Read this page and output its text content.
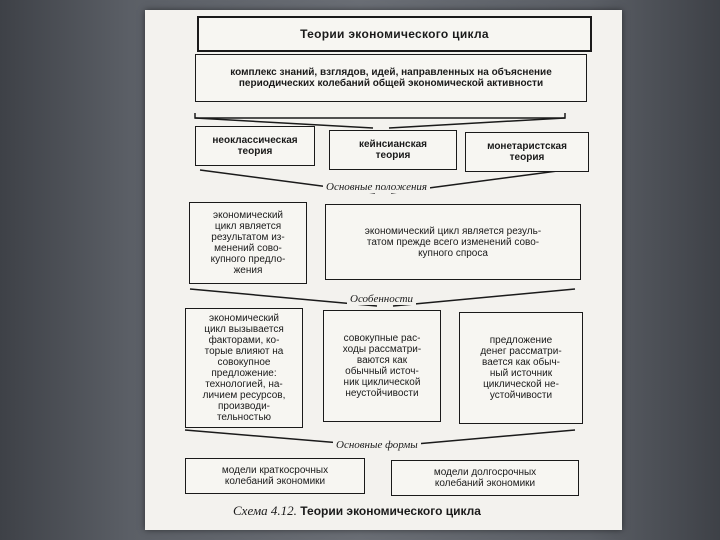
Теории экономического цикла
комплекс знаний, взглядов, идей, направленных на объяснение
периодических колебаний общей экономической активности
неоклассическая
теория
кейнсианская
теория
монетаристская
теория
Основные положения
экономический
цикл является
результатом из-
менений сово-
купного предло-
жения
экономический цикл является резуль-
татом прежде всего изменений сово-
купного спроса
Особенности
экономический
цикл вызывается
факторами, ко-
торые влияют на
совокупное
предложение:
технологией, на-
личием ресурсов,
производи-
тельностью
совокупные рас-
ходы рассматри-
ваются как
обычный источ-
ник циклической
неустойчивости
предложение
денег рассматри-
вается как обыч-
ный источник
циклической не-
устойчивости
Основные формы
модели краткосрочных
колебаний экономики
модели долгосрочных
колебаний экономики
Схема 4.12. Теории экономического цикла
